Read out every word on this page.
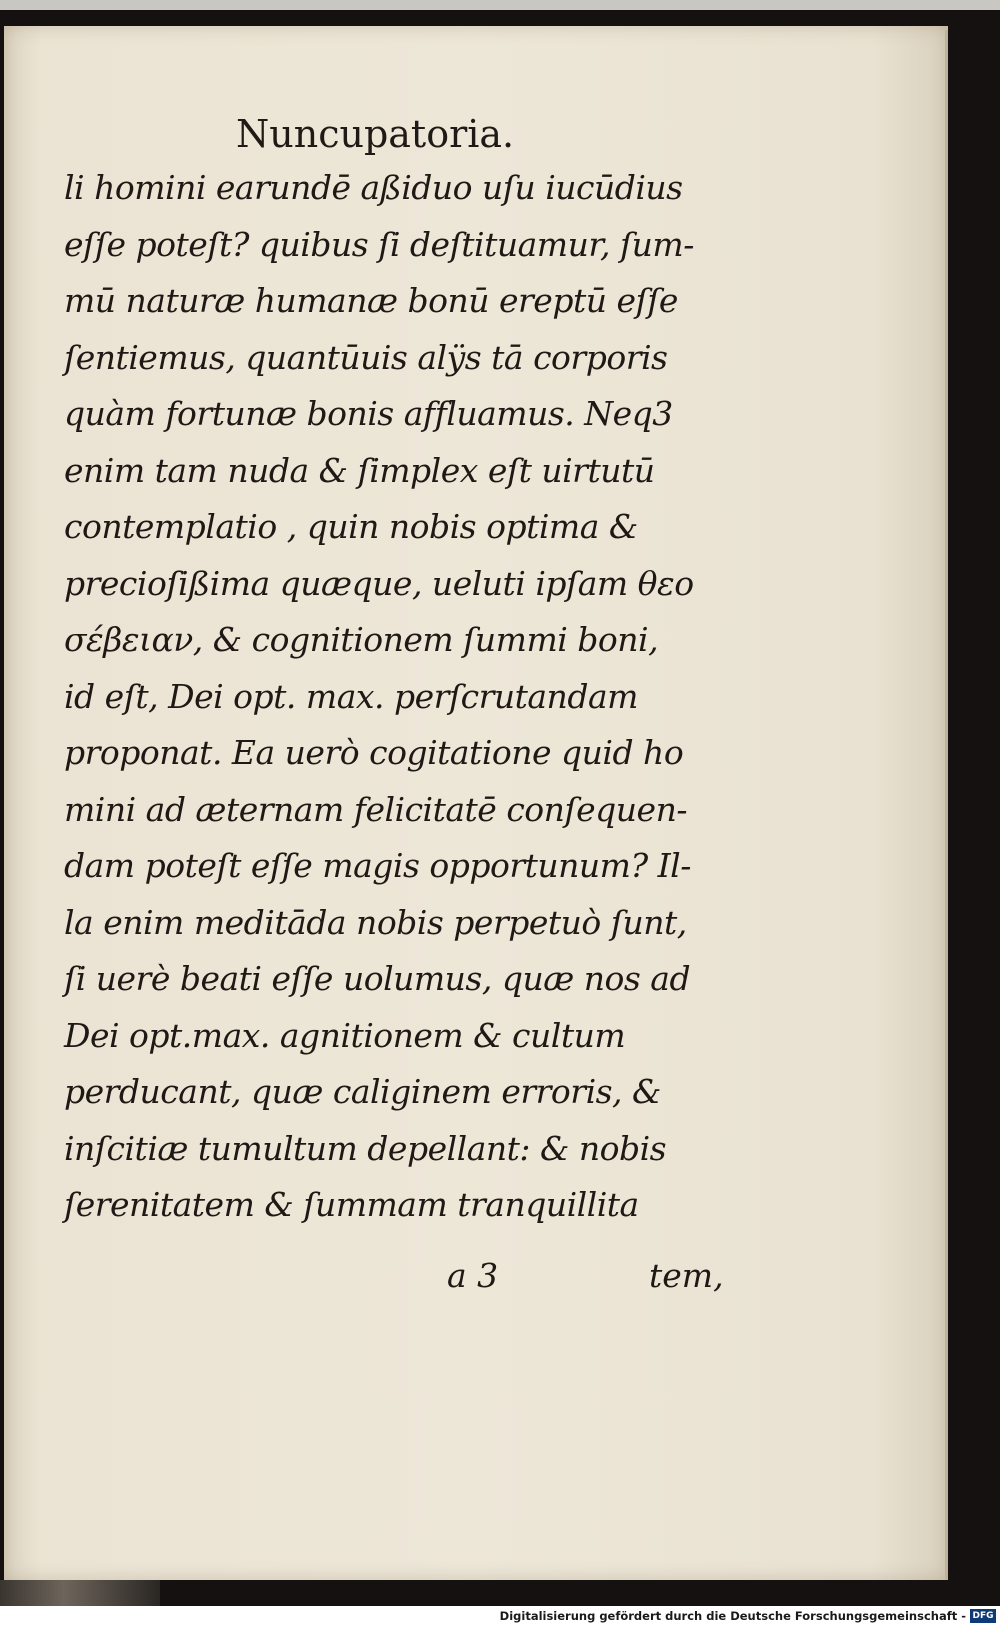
Nuncupatoria.
li homini earundē aßiduo uſu iucūdius
eſſe poteſt? quibus ſi deſtituamur, ſum-
mū naturæ humanæ bonū ereptū eſſe
ſentiemus, quantūuis alÿs tā corporis
quàm fortunæ bonis affluamus. Neq3
enim tam nuda & ſimplex eſt uirtutū
contemplatio , quin nobis optima &
precioſißima quæque, ueluti ipſam θεο
σέβειαν, & cognitionem ſummi boni,
id eſt, Dei opt. max. perſcrutandam
proponat. Ea uerò cogitatione quid ho
mini ad æternam felicitatē conſequen-
dam poteſt eſſe magis opportunum? Il-
la enim meditāda nobis perpetuò ſunt,
ſi uerè beati eſſe uolumus, quæ nos ad
Dei opt.max. agnitionem & cultum
perducant, quæ caliginem erroris, &
inſcitiæ tumultum depellant: & nobis
ſerenitatem & ſummam tranquillita
a 3	tem,
Digitalisierung gefördert durch die Deutsche Forschungsgemeinschaft - DFG
